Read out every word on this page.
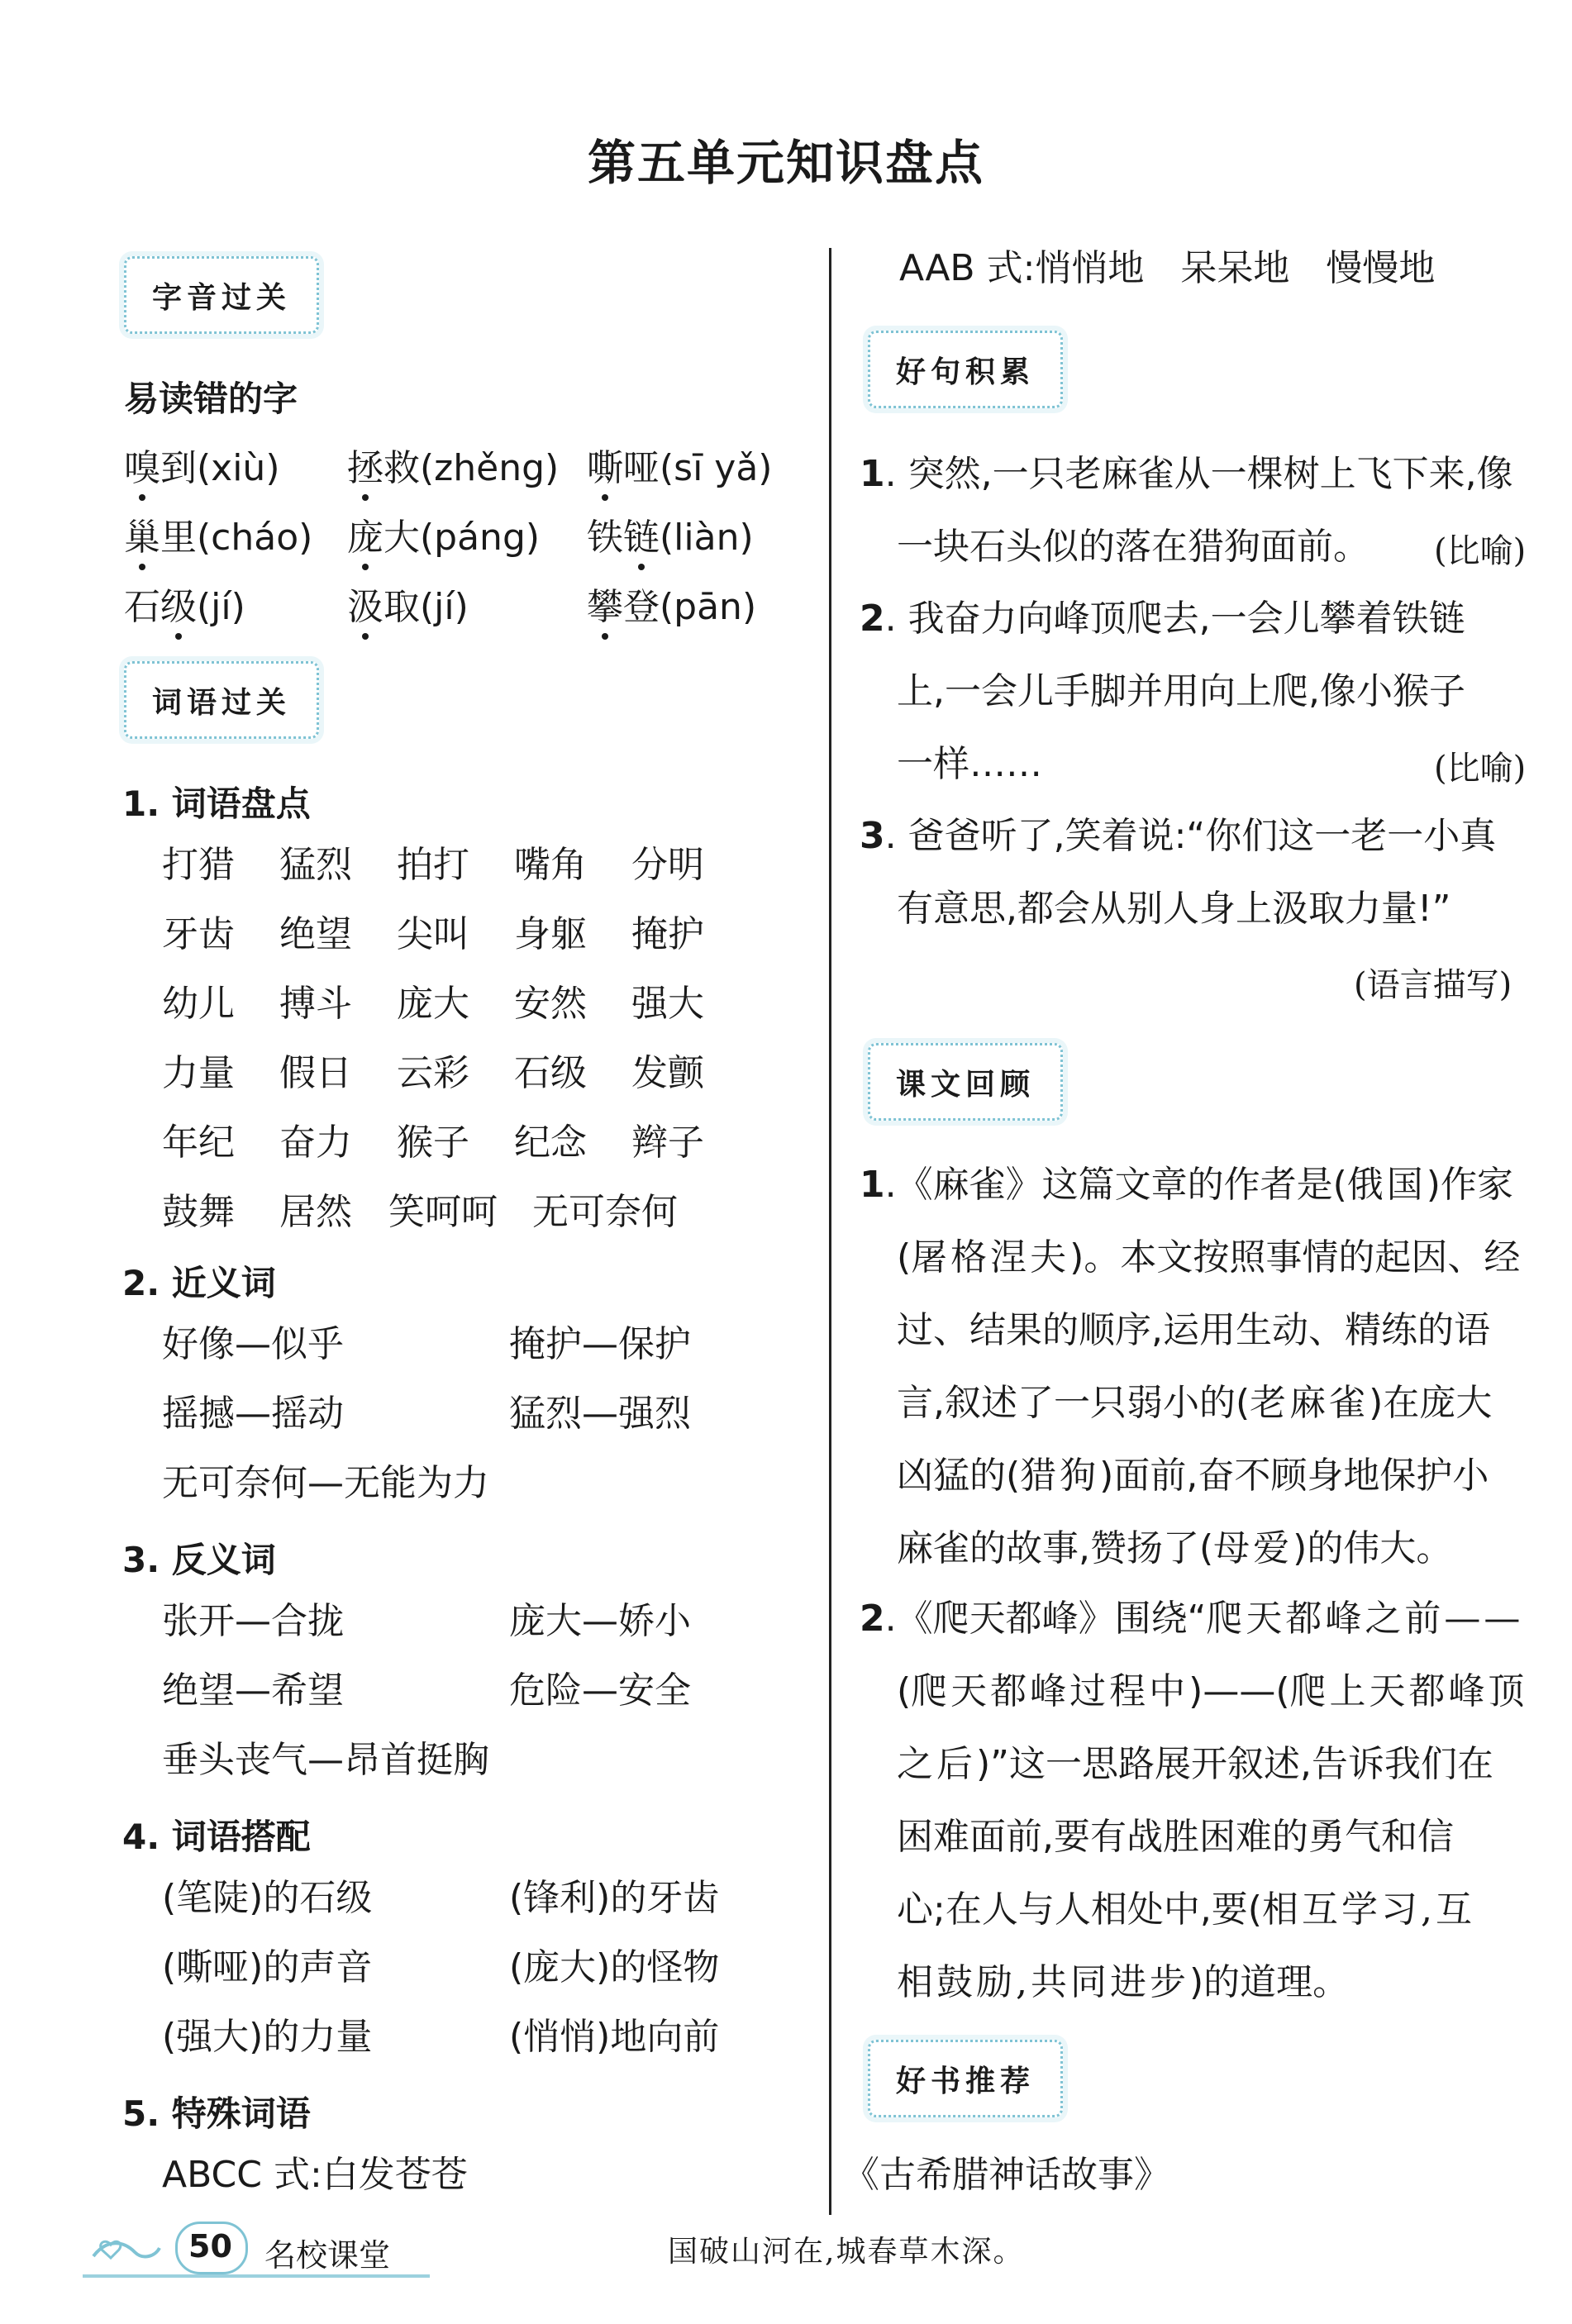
第五单元知识盘点
字音过关
易读错的字
嗅到(xiù) 拯救(zhěng) 嘶哑(sī yǎ)
巢里(cháo) 庞大(páng) 铁链(liàn)
石级(jí)	汲取(jí)	攀登(pān)
词语过关
1. 词语盘点
打猎	猛烈	拍打	嘴角	分明
牙齿	绝望	尖叫	身躯	掩护
幼儿	搏斗	庞大	安然	强大
力量	假日	云彩	石级	发颤
年纪	奋力	猴子	纪念	辫子
鼓舞	居然	笑呵呵 无可奈何
2. 近义词
好像—似乎	掩护—保护
摇撼—摇动	猛烈—强烈
无可奈何—无能为力
3. 反义词
张开—合拢	庞大—娇小
绝望—希望	危险—安全
垂头丧气—昂首挺胸
4. 词语搭配
(笔陡)的石级	(锋利)的牙齿
(嘶哑)的声音	(庞大)的怪物
(强大)的力量	(悄悄)地向前
5. 特殊词语
ABCC 式:白发苍苍
AAB 式:悄悄地　呆呆地　慢慢地
好句积累
1. 突然,一只老麻雀从一棵树上飞下来,像
一块石头似的落在猎狗面前。	(比喻)
2. 我奋力向峰顶爬去,一会儿攀着铁链
上,一会儿手脚并用向上爬,像小猴子
一样……	(比喻)
3. 爸爸听了,笑着说:“你们这一老一小真
有意思,都会从别人身上汲取力量!”
(语言描写)
课文回顾
1.《麻雀》这篇文章的作者是(俄国)作家
(屠格涅夫)。本文按照事情的起因、经
过、结果的顺序,运用生动、精练的语
言,叙述了一只弱小的(老麻雀)在庞大
凶猛的(猎狗)面前,奋不顾身地保护小
麻雀的故事,赞扬了(母爱)的伟大。
2.《爬天都峰》围绕“爬天都峰之前——
(爬天都峰过程中)——(爬上天都峰顶
之后)”这一思路展开叙述,告诉我们在
困难面前,要有战胜困难的勇气和信
心;在人与人相处中,要(相互学习,互
相鼓励,共同进步)的道理。
好书推荐
《古希腊神话故事》
50 名校课堂	国破山河在,城春草木深。
